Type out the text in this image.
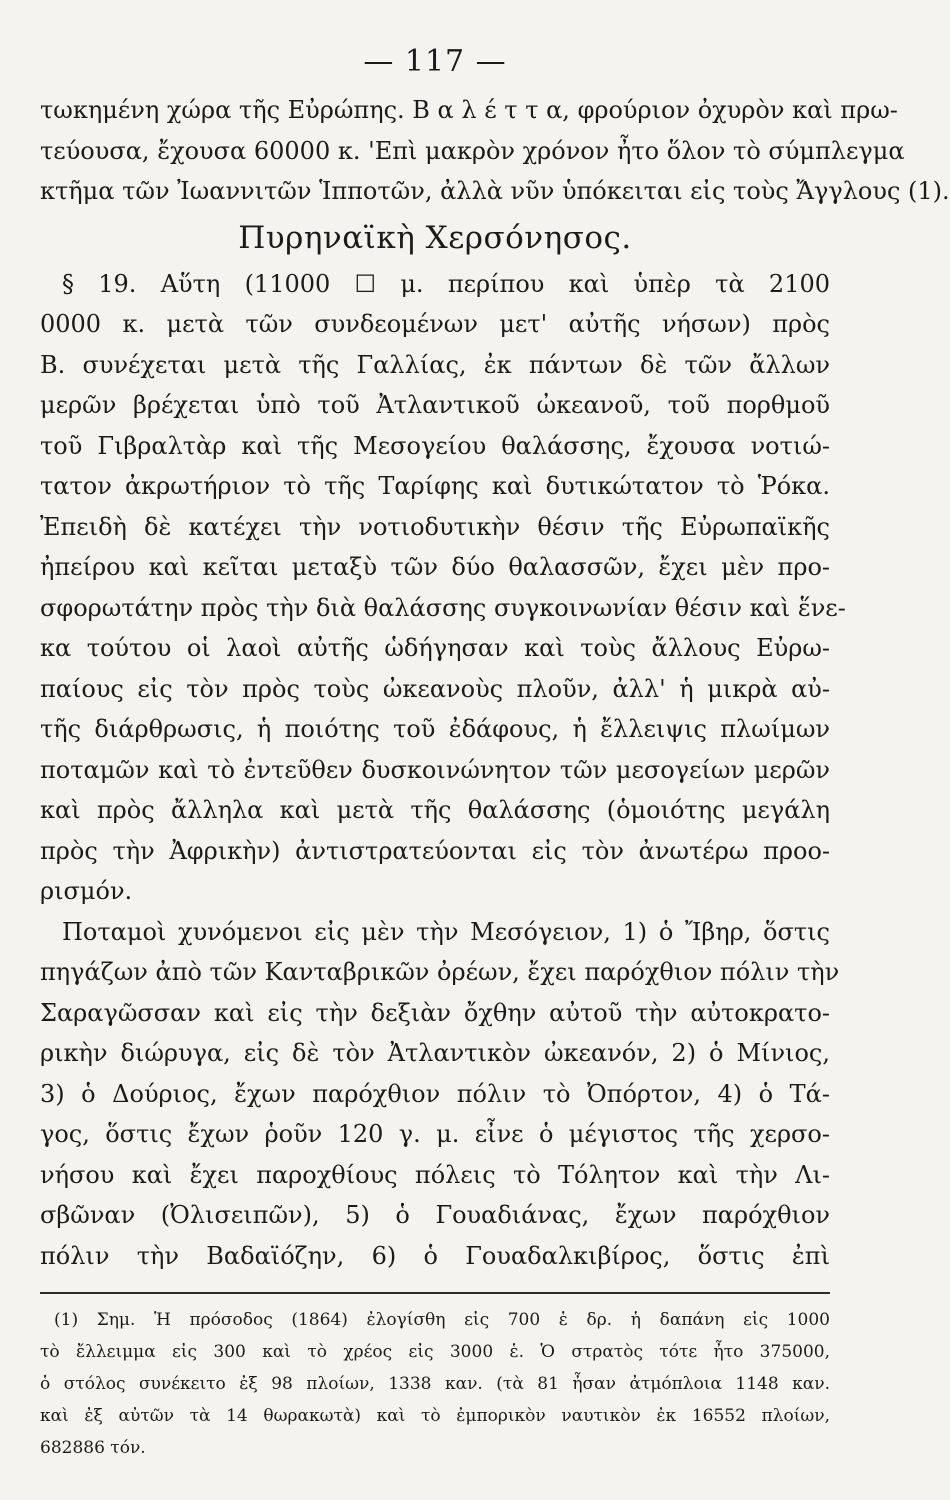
— 117 —
τωκημένη χώρα τῆς Εὐρώπης. Β α λ έ τ τ α, φρούριον ὀχυρὸν καὶ πρω-
τεύουσα, ἔχουσα 60000 κ. 'Επὶ μακρὸν χρόνον ἦτο ὅλον τὸ σύμπλεγμα
κτῆμα τῶν Ἰωαννιτῶν Ἱπποτῶν, ἀλλὰ νῦν ὑπόκειται εἰς τοὺς Ἄγγλους (1).
Πυρηναϊκὴ Χερσόνησος.
§ 19. Αὕτη (11000 ☐ μ. περίπου καὶ ὑπὲρ τὰ 2100
0000 κ. μετὰ τῶν συνδεομένων μετ' αὐτῆς νήσων) πρὸς
Β. συνέχεται μετὰ τῆς Γαλλίας, ἐκ πάντων δὲ τῶν ἄλλων
μερῶν βρέχεται ὑπὸ τοῦ Ἀτλαντικοῦ ὠκεανοῦ, τοῦ πορθμοῦ
τοῦ Γιβραλτὰρ καὶ τῆς Μεσογείου θαλάσσης, ἔχουσα νοτιώ-
τατον ἀκρωτήριον τὸ τῆς Ταρίφης καὶ δυτικώτατον τὸ Ῥόκα.
Ἐπειδὴ δὲ κατέχει τὴν νοτιοδυτικὴν θέσιν τῆς Εὐρωπαϊκῆς
ἠπείρου καὶ κεῖται μεταξὺ τῶν δύο θαλασσῶν, ἔχει μὲν προ-
σφορωτάτην πρὸς τὴν διὰ θαλάσσης συγκοινωνίαν θέσιν καὶ ἕνε-
κα τούτου οἱ λαοὶ αὐτῆς ὡδήγησαν καὶ τοὺς ἄλλους Εὐρω-
παίους εἰς τὸν πρὸς τοὺς ὠκεανοὺς πλοῦν, ἀλλ' ἡ μικρὰ αὐ-
τῆς διάρθρωσις, ἡ ποιότης τοῦ ἐδάφους, ἡ ἔλλειψις πλωίμων
ποταμῶν καὶ τὸ ἐντεῦθεν δυσκοινώνητον τῶν μεσογείων μερῶν
καὶ πρὸς ἄλληλα καὶ μετὰ τῆς θαλάσσης (ὁμοιότης μεγάλη
πρὸς τὴν Ἀφρικὴν) ἀντιστρατεύονται εἰς τὸν ἀνωτέρω προο-
ρισμόν.
Ποταμοὶ χυνόμενοι εἰς μὲν τὴν Μεσόγειον, 1) ὁ Ἴβηρ, ὅστις
πηγάζων ἀπὸ τῶν Κανταβρικῶν ὀρέων, ἔχει παρόχθιον πόλιν τὴν
Σαραγῶσσαν καὶ εἰς τὴν δεξιὰν ὄχθην αὐτοῦ τὴν αὐτοκρατο-
ρικὴν διώρυγα, εἰς δὲ τὸν Ἀτλαντικὸν ὠκεανόν, 2) ὁ Μίνιος,
3) ὁ Δούριος, ἔχων παρόχθιον πόλιν τὸ Ὀπόρτον, 4) ὁ Τά-
γος, ὅστις ἔχων ῥοῦν 120 γ. μ. εἶνε ὁ μέγιστος τῆς χερσο-
νήσου καὶ ἔχει παροχθίους πόλεις τὸ Τόλητον καὶ τὴν Λι-
σβῶναν (Ὀλισειπῶν), 5) ὁ Γουαδιάνας, ἔχων παρόχθιον
πόλιν τὴν Βαδαϊόζην, 6) ὁ Γουαδαλκιβίρος, ὅστις ἐπὶ
(1) Σημ. Ἡ πρόσοδος (1864) ἐλογίσθη εἰς 700 ἑ δρ. ἡ δαπάνη εἰς 1000
τὸ ἔλλειμμα εἰς 300 καὶ τὸ χρέος εἰς 3000 ἑ. Ὁ στρατὸς τότε ἦτο 375000,
ὁ στόλος συνέκειτο ἐξ 98 πλοίων, 1338 καν. (τὰ 81 ἦσαν ἀτμόπλοια 1148 καν.
καὶ ἐξ αὐτῶν τὰ 14 θωρακωτὰ) καὶ τὸ ἐμπορικὸν ναυτικὸν ἐκ 16552 πλοίων,
682886 τόν.
